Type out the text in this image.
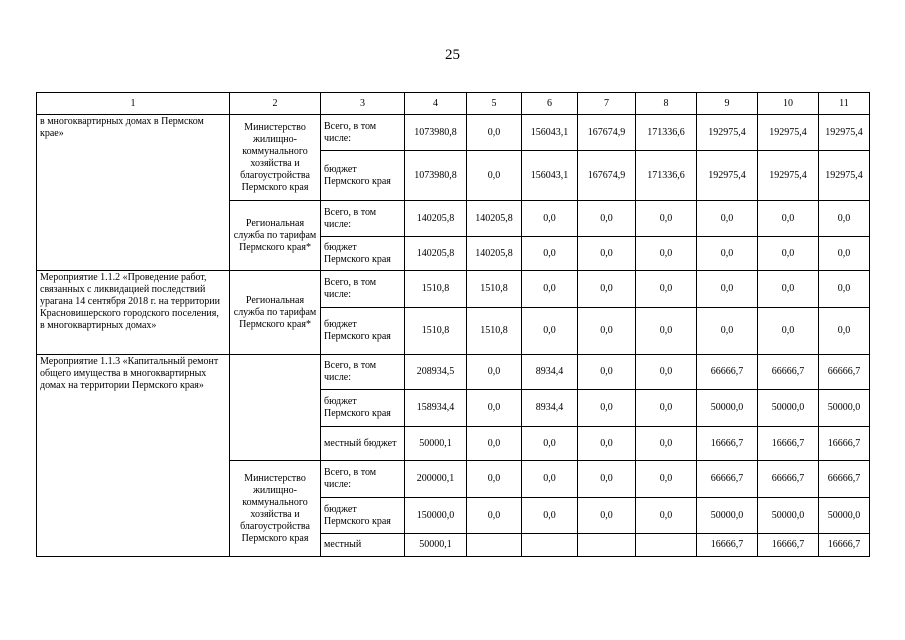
25
1	2	3	4	5	6	7	8	9	10	11
в многоквартирных домах в Пермском крае»	Министерство жилищно-коммунального хозяйства и благоустройства Пермского края	Всего, в том числе:	1073980,8	0,0	156043,1	167674,9	171336,6	192975,4	192975,4	192975,4
		бюджет Пермского края	1073980,8	0,0	156043,1	167674,9	171336,6	192975,4	192975,4	192975,4
	Региональная служба по тарифам Пермского края*	Всего, в том числе:	140205,8	140205,8	0,0	0,0	0,0	0,0	0,0	0,0
		бюджет Пермского края	140205,8	140205,8	0,0	0,0	0,0	0,0	0,0	0,0
Мероприятие 1.1.2 «Проведение работ, связанных с ликвидацией последствий урагана 14 сентября 2018 г. на территории Красновишерского городского поселения, в многоквартирных домах»	Региональная служба по тарифам Пермского края*	Всего, в том числе:	1510,8	1510,8	0,0	0,0	0,0	0,0	0,0	0,0
		бюджет Пермского края	1510,8	1510,8	0,0	0,0	0,0	0,0	0,0	0,0
Мероприятие 1.1.3 «Капитальный ремонт общего имущества в многоквартирных домах на территории Пермского края»		Всего, в том числе:	208934,5	0,0	8934,4	0,0	0,0	66666,7	66666,7	66666,7
		бюджет Пермского края	158934,4	0,0	8934,4	0,0	0,0	50000,0	50000,0	50000,0
		местный бюджет	50000,1	0,0	0,0	0,0	0,0	16666,7	16666,7	16666,7
	Министерство жилищно-коммунального хозяйства и благоустройства Пермского края	Всего, в том числе:	200000,1	0,0	0,0	0,0	0,0	66666,7	66666,7	66666,7
		бюджет Пермского края	150000,0	0,0	0,0	0,0	0,0	50000,0	50000,0	50000,0
		местный	50000,1					16666,7	16666,7	16666,7
